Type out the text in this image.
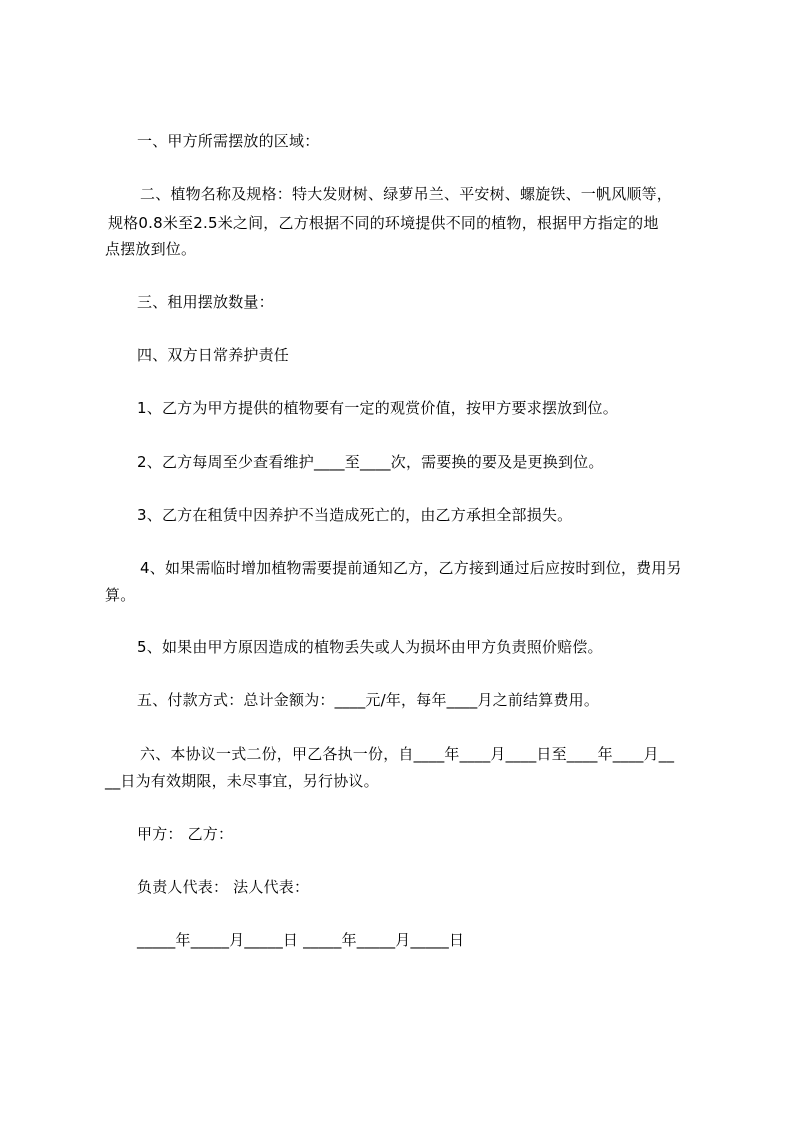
一、甲方所需摆放的区域：
二、植物名称及规格：特大发财树、绿萝吊兰、平安树、螺旋铁、一帆风顺等，
规格0.8米至2.5米之间，乙方根据不同的环境提供不同的植物，根据甲方指定的地
点摆放到位。
三、租用摆放数量：
四、双方日常养护责任
1、乙方为甲方提供的植物要有一定的观赏价值，按甲方要求摆放到位。
2、乙方每周至少查看维护____至____次，需要换的要及是更换到位。
3、乙方在租赁中因养护不当造成死亡的，由乙方承担全部损失。
4、如果需临时增加植物需要提前通知乙方，乙方接到通过后应按时到位，费用另
算。
5、如果由甲方原因造成的植物丢失或人为损坏由甲方负责照价赔偿。
五、付款方式：总计金额为：____元/年，每年____月之前结算费用。
六、本协议一式二份，甲乙各执一份，自____年____月____日至____年____月__
__日为有效期限，未尽事宜，另行协议。
甲方： 乙方：
负责人代表： 法人代表：
_____年_____月_____日 _____年_____月_____日
